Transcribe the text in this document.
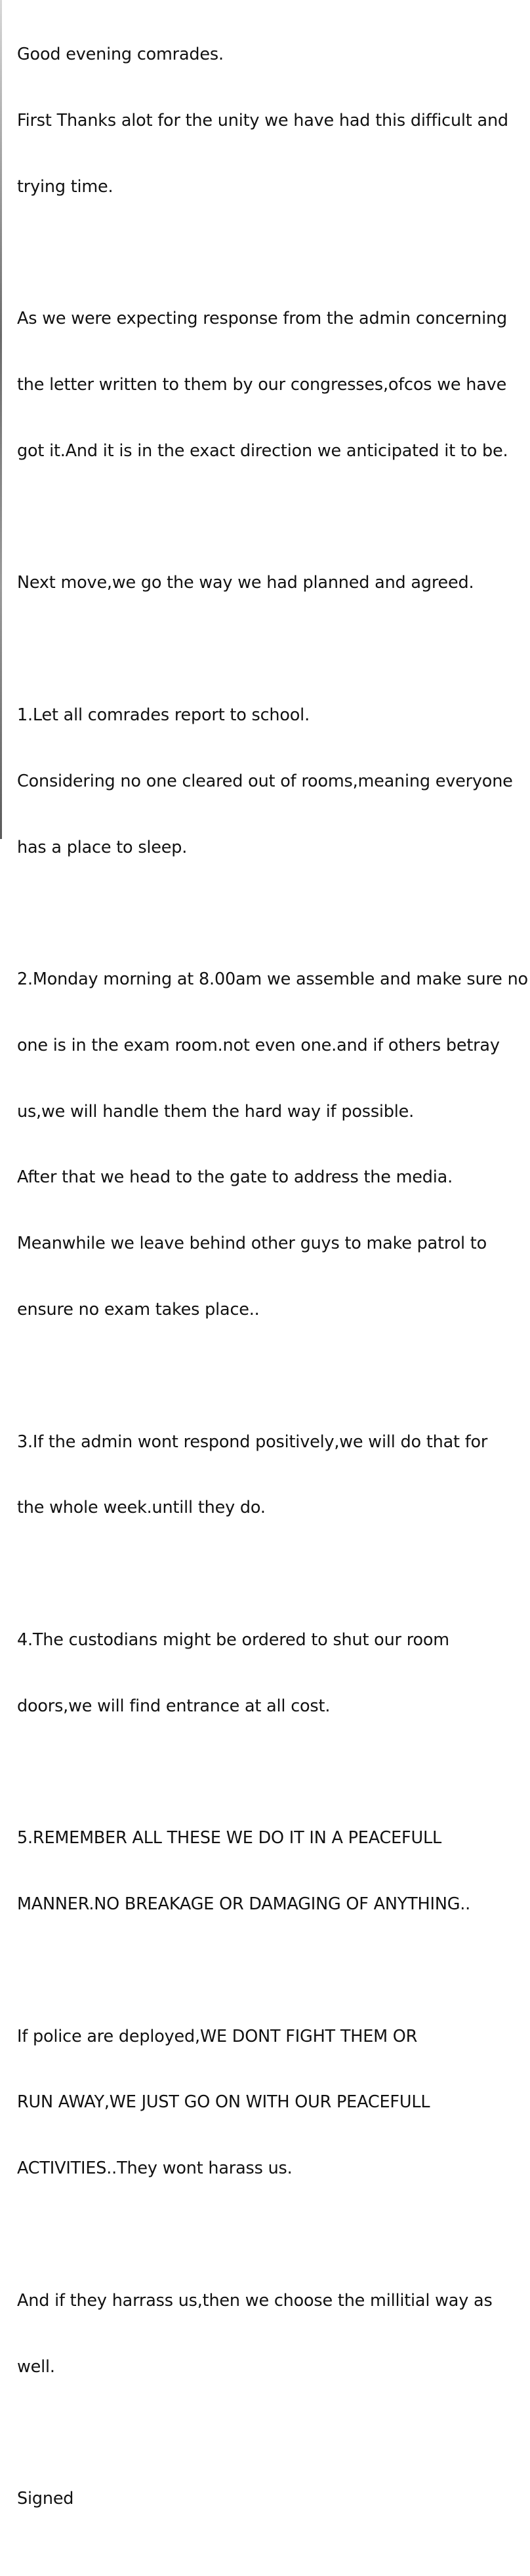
Good evening comrades.

First Thanks alot for the unity we have had this difficult and

trying time.

As we were expecting response from the admin concerning

the letter written to them by our congresses,ofcos we have

got it.And it is in the exact direction we anticipated it to be.

Next move,we go the way we had planned and agreed.

1.Let all comrades report to school.

Considering no one cleared out of rooms,meaning everyone

has a place to sleep.

2.Monday morning at 8.00am we assemble and make sure no

one is in the exam room.not even one.and if others betray

us,we will handle them the hard way if possible.

After that we head to the gate to address the media.

Meanwhile we leave behind other guys to make patrol to

ensure no exam takes place..

3.If the admin wont respond positively,we will do that for

the whole week.untill they do.

4.The custodians might be ordered to shut our room

doors,we will find entrance at all cost.

5.REMEMBER ALL THESE WE DO IT IN A PEACEFULL

MANNER.NO BREAKAGE OR DAMAGING OF ANYTHING..

If police are deployed,WE DONT FIGHT THEM OR

RUN AWAY,WE JUST GO ON WITH OUR PEACEFULL

ACTIVITIES..They wont harass us.

And if they harrass us,then we choose the millitial way as

well.

Signed
